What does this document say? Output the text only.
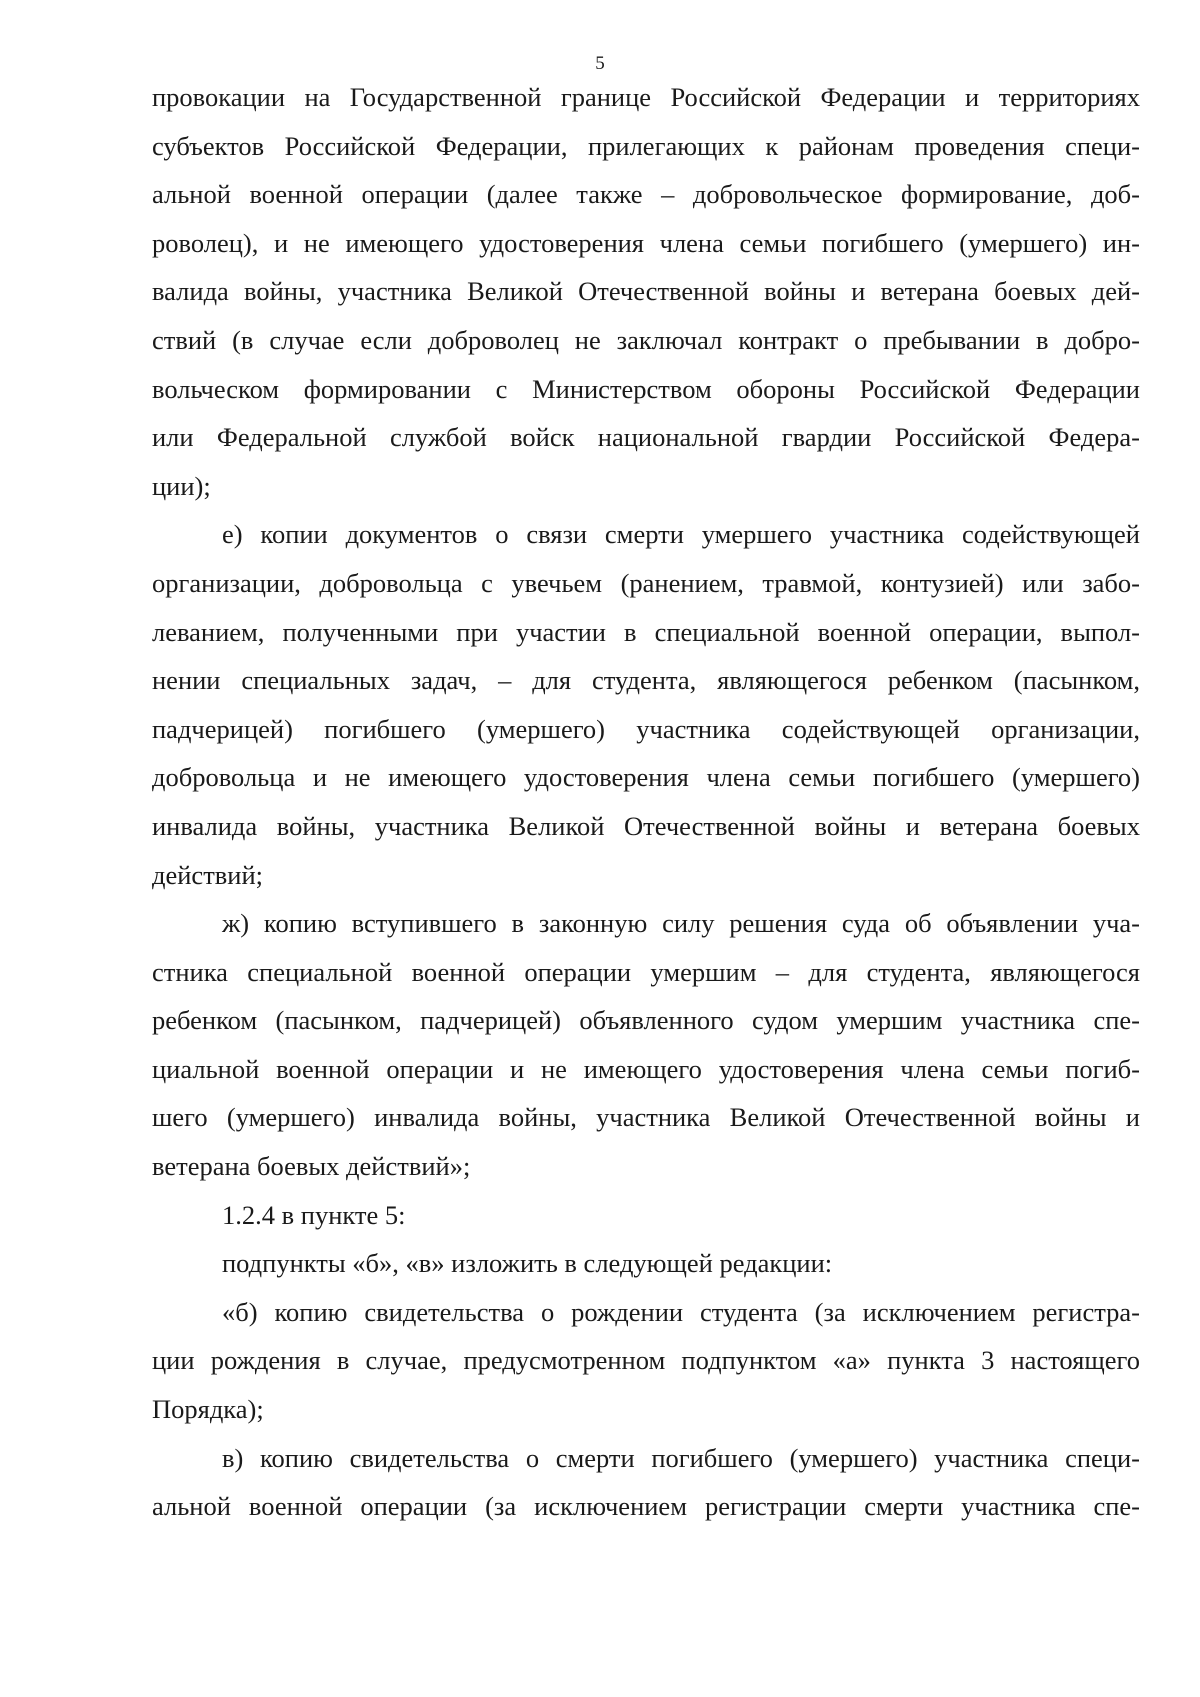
5
провокации на Государственной границе Российской Федерации и территориях
субъектов Российской Федерации, прилегающих к районам проведения специ-
альной военной операции (далее также – добровольческое формирование, доб-
роволец), и не имеющего удостоверения члена семьи погибшего (умершего) ин-
валида войны, участника Великой Отечественной войны и ветерана боевых дей-
ствий (в случае если доброволец не заключал контракт о пребывании в добро-
вольческом формировании с Министерством обороны Российской Федерации
или Федеральной службой войск национальной гвардии Российской Федера-
ции);
е) копии документов о связи смерти умершего участника содействующей
организации, добровольца с увечьем (ранением, травмой, контузией) или забо-
леванием, полученными при участии в специальной военной операции, выпол-
нении специальных задач, – для студента, являющегося ребенком (пасынком,
падчерицей) погибшего (умершего) участника содействующей организации,
добровольца и не имеющего удостоверения члена семьи погибшего (умершего)
инвалида войны, участника Великой Отечественной войны и ветерана боевых
действий;
ж) копию вступившего в законную силу решения суда об объявлении уча-
стника специальной военной операции умершим – для студента, являющегося
ребенком (пасынком, падчерицей) объявленного судом умершим участника спе-
циальной военной операции и не имеющего удостоверения члена семьи погиб-
шего (умершего) инвалида войны, участника Великой Отечественной войны и
ветерана боевых действий»;
1.2.4 в пункте 5:
подпункты «б», «в» изложить в следующей редакции:
«б) копию свидетельства о рождении студента (за исключением регистра-
ции рождения в случае, предусмотренном подпунктом «а» пункта 3 настоящего
Порядка);
в) копию свидетельства о смерти погибшего (умершего) участника специ-
альной военной операции (за исключением регистрации смерти участника спе-
